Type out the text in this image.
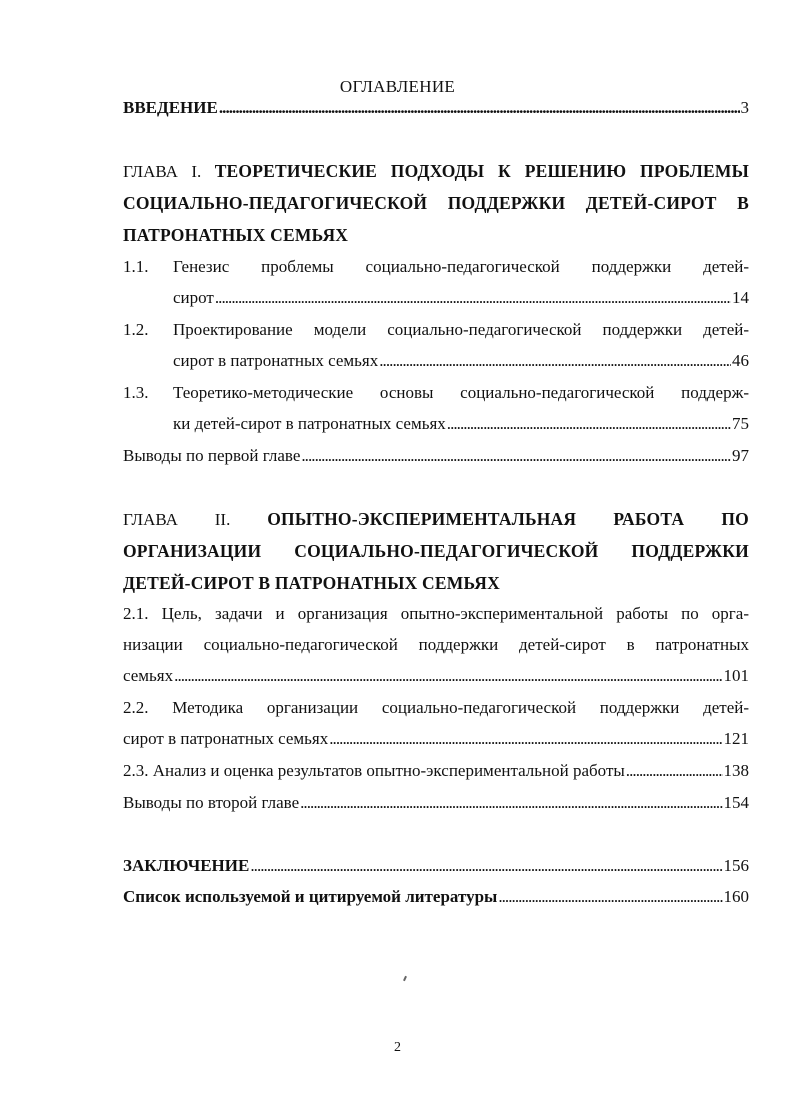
ОГЛАВЛЕНИЕ
ВВЕДЕНИЕ . . .	3
ГЛАВА I. ТЕОРЕТИЧЕСКИЕ ПОДХОДЫ К РЕШЕНИЮ ПРОБЛЕМЫ
СОЦИАЛЬНО-ПЕДАГОГИЧЕСКОЙ ПОДДЕРЖКИ ДЕТЕЙ-СИРОТ В
ПАТРОНАТНЫХ СЕМЬЯХ
1.1. Генезис проблемы социально-педагогической поддержки детей-
сирот . . .	14
1.2. Проектирование модели социально-педагогической поддержки детей-
сирот в патронатных семьях . . .	46
1.3. Теоретико-методические основы социально-педагогической поддерж-
ки детей-сирот в патронатных семьях . . .	75
Выводы по первой главе . . .	97
ГЛАВА II. ОПЫТНО-ЭКСПЕРИМЕНТАЛЬНАЯ РАБОТА ПО
ОРГАНИЗАЦИИ СОЦИАЛЬНО-ПЕДАГОГИЧЕСКОЙ ПОДДЕРЖКИ
ДЕТЕЙ-СИРОТ В ПАТРОНАТНЫХ СЕМЬЯХ
2.1. Цель, задачи и организация опытно-экспериментальной работы по орга-
низации социально-педагогической поддержки детей-сирот в патронатных
семьях . . .	101
2.2. Методика организации социально-педагогической поддержки детей-
сирот в патронатных семьях . . .	121
2.3. Анализ и оценка результатов опытно-экспериментальной работы . . .	138
Выводы по второй главе . . .	154
ЗАКЛЮЧЕНИЕ . . .	156
Список используемой и цитируемой литературы . . .	160
2
